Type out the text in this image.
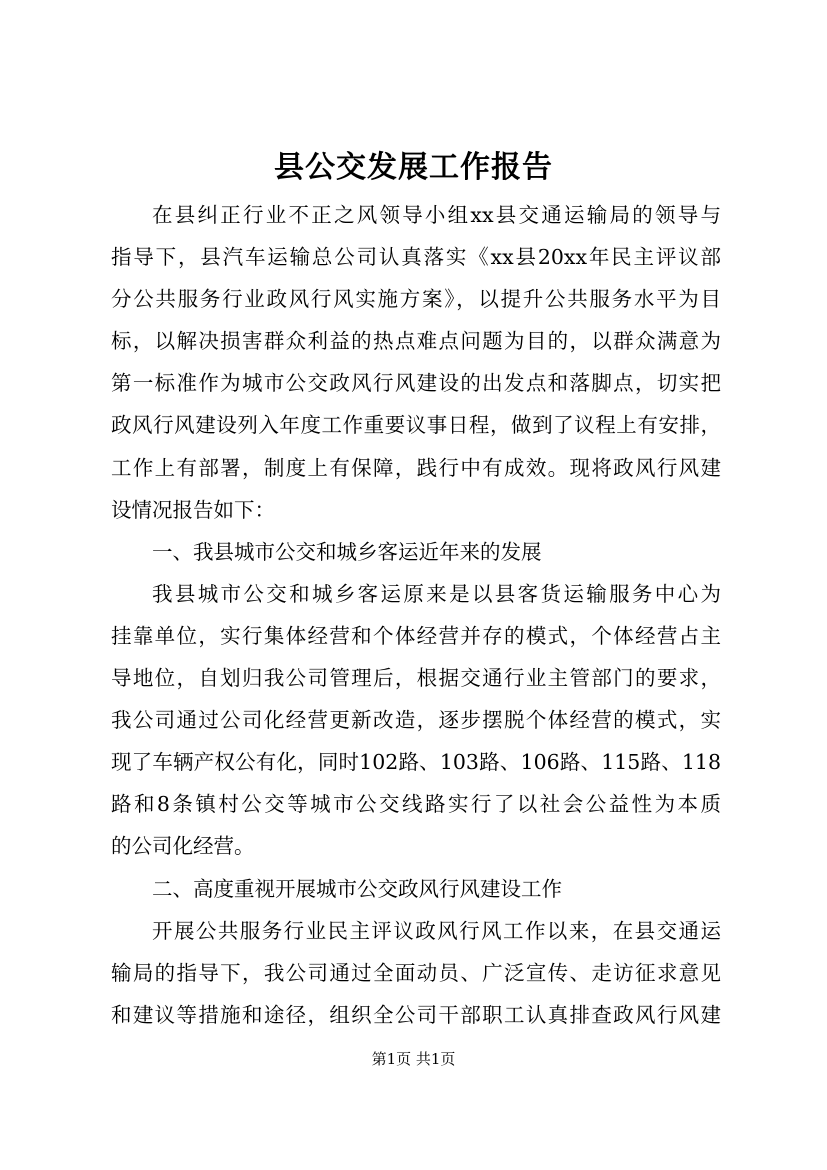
县公交发展工作报告
在县纠正行业不正之风领导小组xx县交通运输局的领导与
指导下，县汽车运输总公司认真落实《xx县20xx年民主评议部
分公共服务行业政风行风实施方案》，以提升公共服务水平为目
标，以解决损害群众利益的热点难点问题为目的，以群众满意为
第一标准作为城市公交政风行风建设的出发点和落脚点，切实把
政风行风建设列入年度工作重要议事日程，做到了议程上有安排，
工作上有部署，制度上有保障，践行中有成效。现将政风行风建
设情况报告如下：
一、我县城市公交和城乡客运近年来的发展
我县城市公交和城乡客运原来是以县客货运输服务中心为
挂靠单位，实行集体经营和个体经营并存的模式，个体经营占主
导地位，自划归我公司管理后，根据交通行业主管部门的要求，
我公司通过公司化经营更新改造，逐步摆脱个体经营的模式，实
现了车辆产权公有化，同时102路、103路、106路、115路、118
路和8条镇村公交等城市公交线路实行了以社会公益性为本质
的公司化经营。
二、高度重视开展城市公交政风行风建设工作
开展公共服务行业民主评议政风行风工作以来，在县交通运
输局的指导下，我公司通过全面动员、广泛宣传、走访征求意见
和建议等措施和途径，组织全公司干部职工认真排查政风行风建
第1页 共1页
